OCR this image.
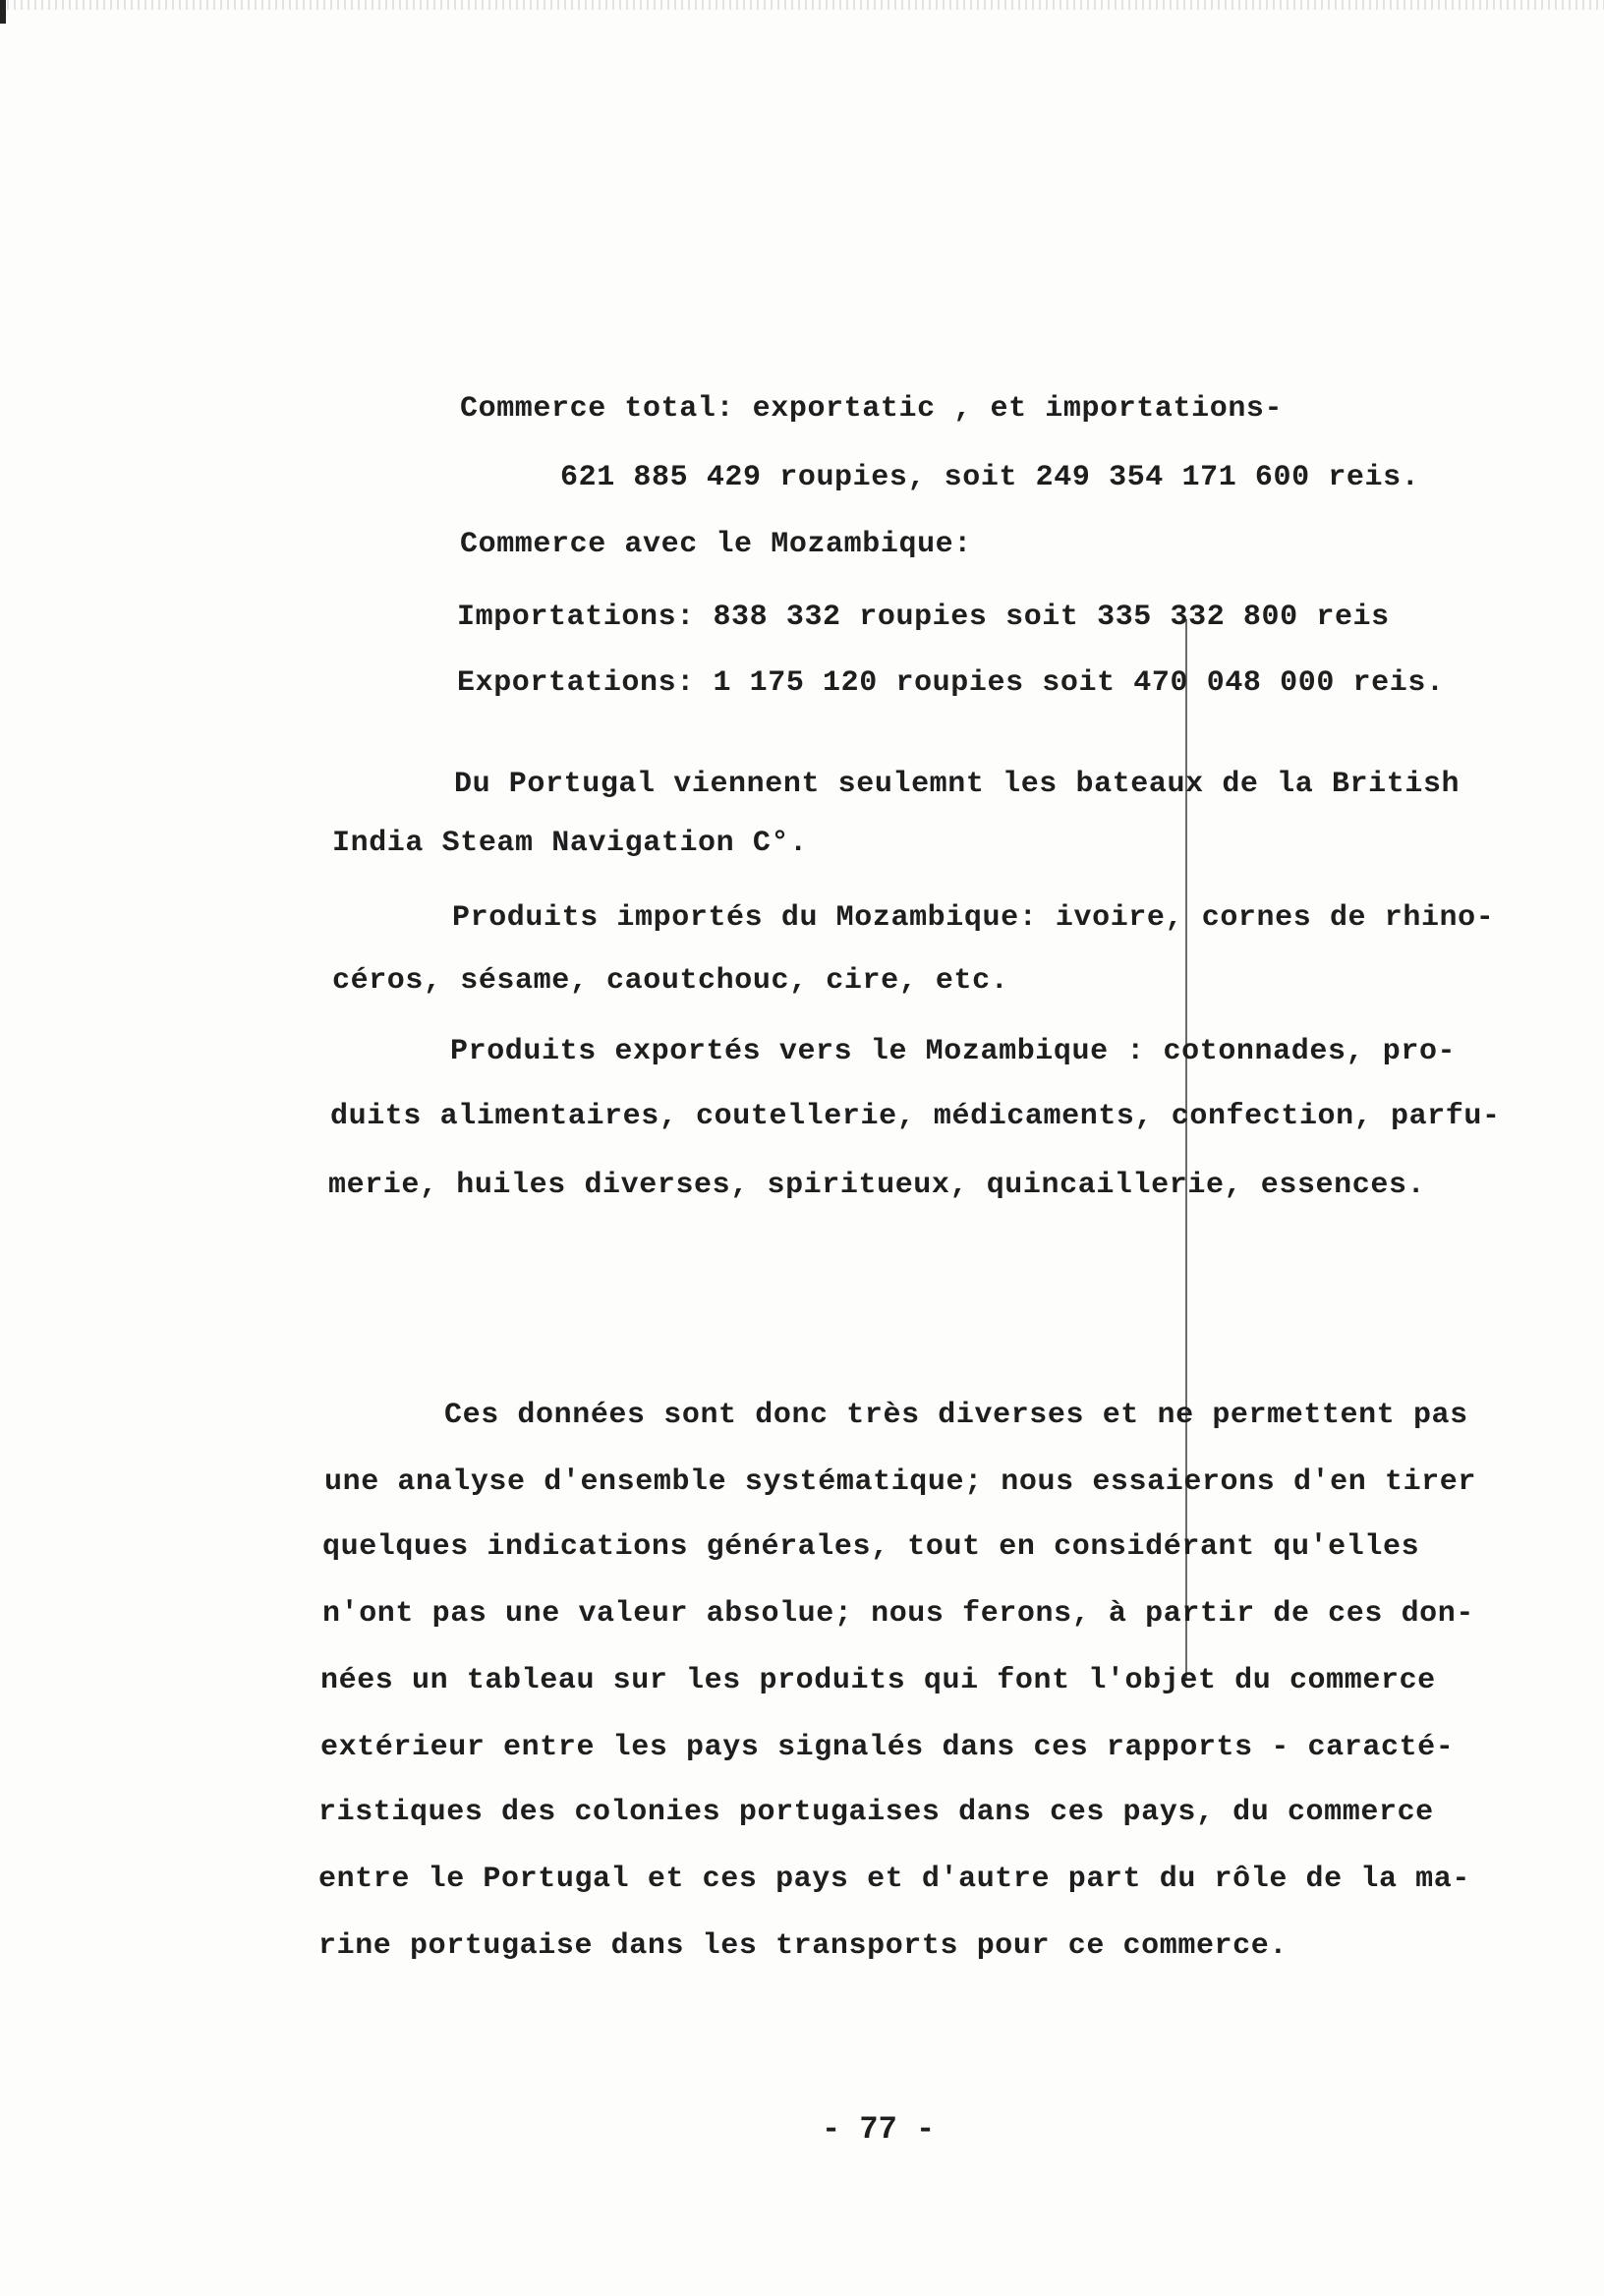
Commerce total: exportatic , et importations-
621 885 429 roupies, soit 249 354 171 600 reis.
Commerce avec le Mozambique:
Importations: 838 332 roupies soit 335 332 800 reis
Exportations: 1 175 120 roupies soit 470 048 000 reis.
Du Portugal viennent seulemnt les bateaux de la British
India Steam Navigation C°.
Produits importés du Mozambique: ivoire, cornes de rhino-
céros, sésame, caoutchouc, cire, etc.
Produits exportés vers le Mozambique : cotonnades, pro-
duits alimentaires, coutellerie, médicaments, confection, parfu-
merie, huiles diverses, spiritueux, quincaillerie, essences.
Ces données sont donc très diverses et ne permettent pas
une analyse d'ensemble systématique; nous essaierons d'en tirer
quelques indications générales, tout en considérant qu'elles
n'ont pas une valeur absolue; nous ferons, à partir de ces don-
nées un tableau sur les produits qui font l'objet du commerce
extérieur entre les pays signalés dans ces rapports - caracté-
ristiques des colonies portugaises dans ces pays, du commerce
entre le Portugal et ces pays et d'autre part du rôle de la ma-
rine portugaise dans les transports pour ce commerce.
- 77 -
